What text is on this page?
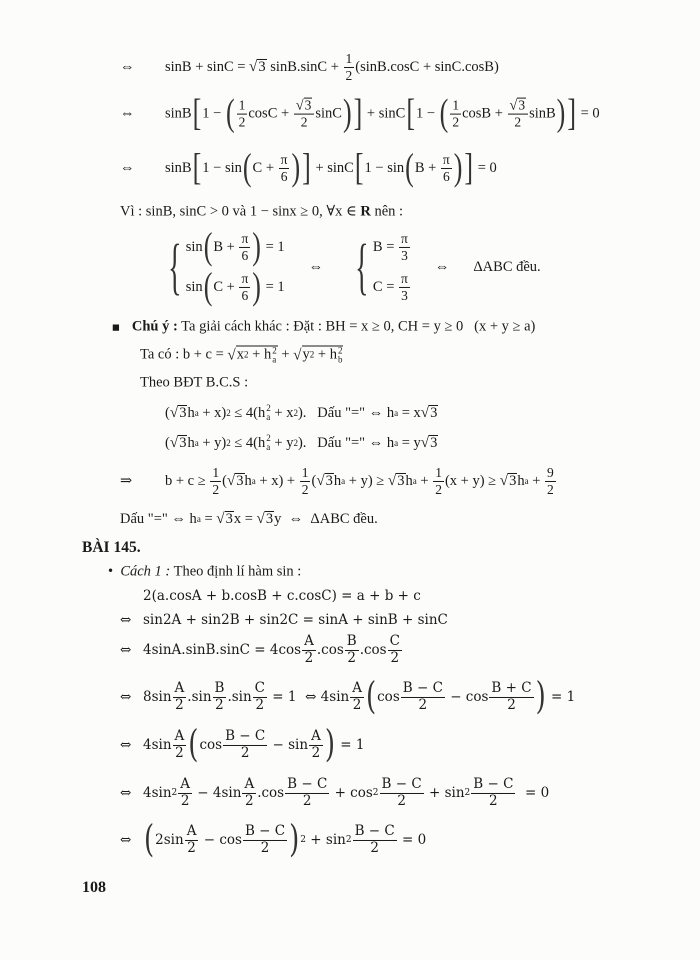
⇔	sinB + sinC = √ 3 $\sin B.\sin C + \frac{1}{2} (\sin B.\cos C + \sin C.\cos B)$
⇔	sinB [ 1 − ( $\frac{1}{2}$ $\cos C + \frac{√ 3}{2}$ sinC ) ] + sinC [ 1 − ( $\frac{1}{2}$ $\cos B + \frac{√ 3}{2}$ sinB ) ] = 0
⇔	sinB [ 1 − sin ( $C + \frac{\pi}{6}$ ) ] + sinC [ 1 − sin ( $B + \frac{\pi}{6}$ ) ] = 0
Vì : sinB, sinC > 0 và 1 − sinx ≥ 0, ∀x ∈ R nên :
{ sin ( $B + \frac{\pi}{6}$ ) = 1
sin ( $C + \frac{\pi}{6}$ ) = 1
⇔ { $B = \frac{\pi}{3}$
$C = \frac{\pi}{3}$
⇔ ΔABC đều.
■ Chú ý : Ta giải cách khác : Đặt : BH = x ≥ 0, CH = y ≥ 0   (x + y ≥ a)
Ta có : b + c = √ x 2 + h 2
a + √ y 2 + h 2
b
Theo BĐT B.C.S :
( √ 3 h a + x) 2 ≤ 4(h 2
a + x 2 ).   Dấu "=" ⇔ h a = x √ 3
( √ 3 h a + y) 2 ≤ 4(h 2
a + y 2 ).   Dấu "=" ⇔ h a = y √ 3
⇒	$b + c \ge \frac{1}{2}$ ( √ 3 h $a + x) + \frac{1}{2}$ ( √ 3 h a + y) ≥ √ 3 h $a + \frac{1}{2} (x + y)$ ≥ √ 3 h $a + \frac{9}{2}$
Dấu "=" ⇔ h a = √ 3 x = √ 3 y  ⇔  ΔABC đều.
BÀI 145.
• Cách 1 : Theo định lí hàm sin :
2(a.cosA + b.cosB + c.cosC) = a + b + c
⇔ sin2A + sin2B + sin2C = sinA + sinB + sinC
⇔ $4\sin A.\sin B.\sin C = 4\cos \frac{A}{2} .\cos \frac{B}{2} .\cos \frac{C}{2}$
⇔ $8\sin \frac{A}{2} .\sin \frac{B}{2} .\sin \frac{C}{2} = 1$  ⇔ $4\sin \frac{A}{2}$ ( $\cos \frac{B - C}{2} - \cos \frac{B + C}{2}$ ) = 1
⇔ $4\sin \frac{A}{2}$ ( $\cos \frac{B - C}{2} - \sin \frac{A}{2}$ ) = 1
⇔ 4sin $2 \frac{A}{2} - 4\sin \frac{A}{2} .\cos \frac{B - C}{2} + \cos 2 \frac{B - C}{2} + \sin 2 \frac{B - C}{2} = 0$
⇔ ( $2\sin \frac{A}{2} - \cos \frac{B - C}{2}$ ) $2 + \sin 2 \frac{B - C}{2} = 0$
108
